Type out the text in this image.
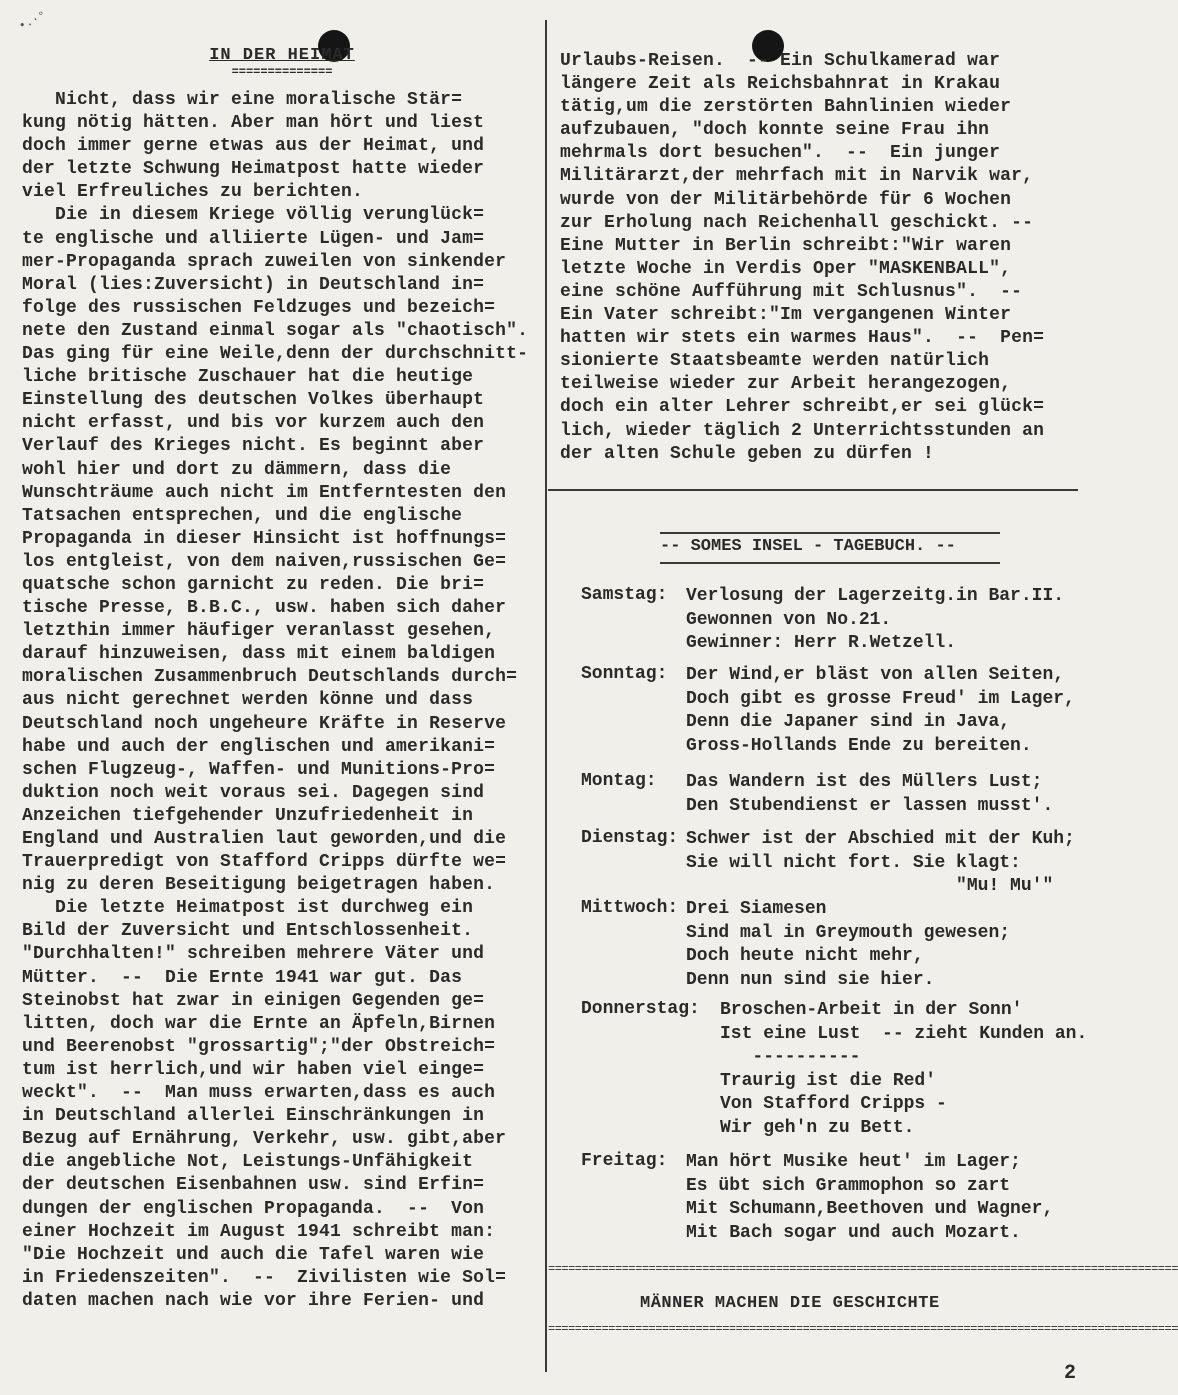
•.·°
IN DER HEIMAT
==============
Nicht, dass wir eine moralische Stär=
kung nötig hätten. Aber man hört und liest
doch immer gerne etwas aus der Heimat, und
der letzte Schwung Heimatpost hatte wieder
viel Erfreuliches zu berichten.
Die in diesem Kriege völlig verunglück=
te englische und alliierte Lügen- und Jam=
mer-Propaganda sprach zuweilen von sinkender
Moral (lies:Zuversicht) in Deutschland in=
folge des russischen Feldzuges und bezeich=
nete den Zustand einmal sogar als "chaotisch".
Das ging für eine Weile,denn der durchschnitt-
liche britische Zuschauer hat die heutige
Einstellung des deutschen Volkes überhaupt
nicht erfasst, und bis vor kurzem auch den
Verlauf des Krieges nicht. Es beginnt aber
wohl hier und dort zu dämmern, dass die
Wunschträume auch nicht im Entferntesten den
Tatsachen entsprechen, und die englische
Propaganda in dieser Hinsicht ist hoffnungs=
los entgleist, von dem naiven,russischen Ge=
quatsche schon garnicht zu reden. Die bri=
tische Presse, B.B.C., usw. haben sich daher
letzthin immer häufiger veranlasst gesehen,
darauf hinzuweisen, dass mit einem baldigen
moralischen Zusammenbruch Deutschlands durch=
aus nicht gerechnet werden könne und dass
Deutschland noch ungeheure Kräfte in Reserve
habe und auch der englischen und amerikani=
schen Flugzeug-, Waffen- und Munitions-Pro=
duktion noch weit voraus sei. Dagegen sind
Anzeichen tiefgehender Unzufriedenheit in
England und Australien laut geworden,und die
Trauerpredigt von Stafford Cripps dürfte we=
nig zu deren Beseitigung beigetragen haben.
Die letzte Heimatpost ist durchweg ein
Bild der Zuversicht und Entschlossenheit.
"Durchhalten!" schreiben mehrere Väter und
Mütter.  --  Die Ernte 1941 war gut. Das
Steinobst hat zwar in einigen Gegenden ge=
litten, doch war die Ernte an Äpfeln,Birnen
und Beerenobst "grossartig";"der Obstreich=
tum ist herrlich,und wir haben viel einge=
weckt".  --  Man muss erwarten,dass es auch
in Deutschland allerlei Einschränkungen in
Bezug auf Ernährung, Verkehr, usw. gibt,aber
die angebliche Not, Leistungs-Unfähigkeit
der deutschen Eisenbahnen usw. sind Erfin=
dungen der englischen Propaganda.  --  Von
einer Hochzeit im August 1941 schreibt man:
"Die Hochzeit und auch die Tafel waren wie
in Friedenszeiten".  --  Zivilisten wie Sol=
daten machen nach wie vor ihre Ferien- und
Urlaubs-Reisen.  -- Ein Schulkamerad war
längere Zeit als Reichsbahnrat in Krakau
tätig,um die zerstörten Bahnlinien wieder
aufzubauen, "doch konnte seine Frau ihn
mehrmals dort besuchen".  --  Ein junger
Militärarzt,der mehrfach mit in Narvik war,
wurde von der Militärbehörde für 6 Wochen
zur Erholung nach Reichenhall geschickt. --
Eine Mutter in Berlin schreibt:"Wir waren
letzte Woche in Verdis Oper "MASKENBALL",
eine schöne Aufführung mit Schlusnus".  --
Ein Vater schreibt:"Im vergangenen Winter
hatten wir stets ein warmes Haus".  --  Pen=
sionierte Staatsbeamte werden natürlich
teilweise wieder zur Arbeit herangezogen,
doch ein alter Lehrer schreibt,er sei glück=
lich, wieder täglich 2 Unterrichtsstunden an
der alten Schule geben zu dürfen !
-- SOMES INSEL - TAGEBUCH. --
Samstag: Verlosung der Lagerzeitg.in Bar.II.
Gewonnen von No.21.
Gewinner: Herr R.Wetzell.
Sonntag: Der Wind,er bläst von allen Seiten,
Doch gibt es grosse Freud' im Lager,
Denn die Japaner sind in Java,
Gross-Hollands Ende zu bereiten.
Montag: Das Wandern ist des Müllers Lust;
Den Stubendienst er lassen musst'.
Dienstag: Schwer ist der Abschied mit der Kuh;
Sie will nicht fort. Sie klagt:
"Mu! Mu'"
Mittwoch: Drei Siamesen
Sind mal in Greymouth gewesen;
Doch heute nicht mehr,
Denn nun sind sie hier.
Donnerstag: Broschen-Arbeit in der Sonn'
Ist eine Lust  -- zieht Kunden an.
----------
Traurig ist die Red'
Von Stafford Cripps -
Wir geh'n zu Bett.
Freitag: Man hört Musike heut' im Lager;
Es übt sich Grammophon so zart
Mit Schumann,Beethoven und Wagner,
Mit Bach sogar und auch Mozart.
==============================================================================================
MÄNNER MACHEN DIE GESCHICHTE
==============================================================================================
2
